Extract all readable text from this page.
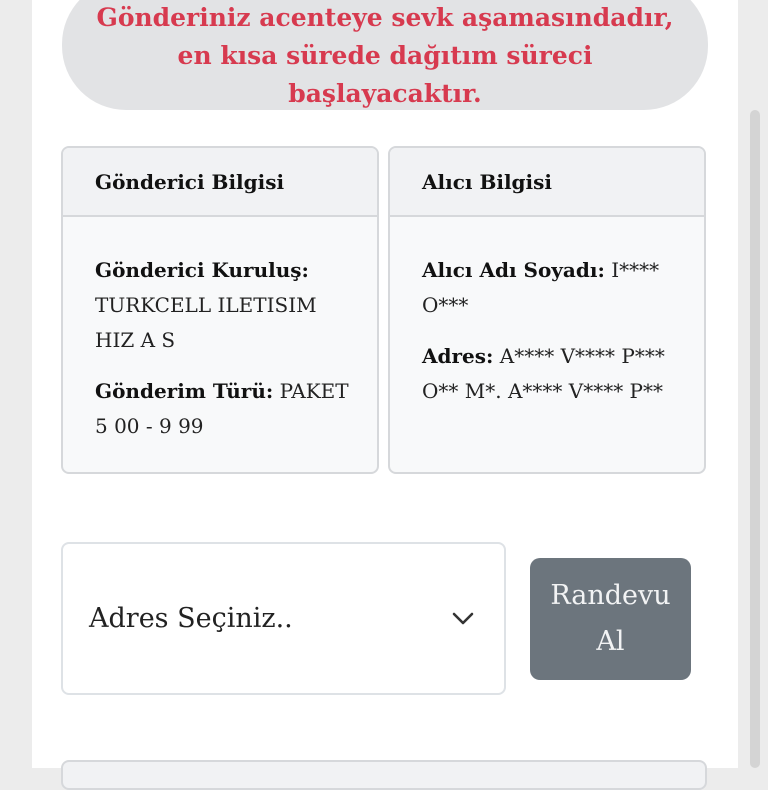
Gönderiniz acenteye sevk aşamasındadır, en kısa sürede dağıtım süreci başlayacaktır.
Gönderici Bilgisi

Gönderici Kuruluş: TURKCELL ILETISIM HIZ A S

Gönderim Türü: PAKET 5 00 - 9 99

Alıcı Bilgisi

Alıcı Adı Soyadı: I**** O***

Adres: A**** V**** P*** O** M*. A**** V**** P**

Adres Seçiniz..
Randevu Al
